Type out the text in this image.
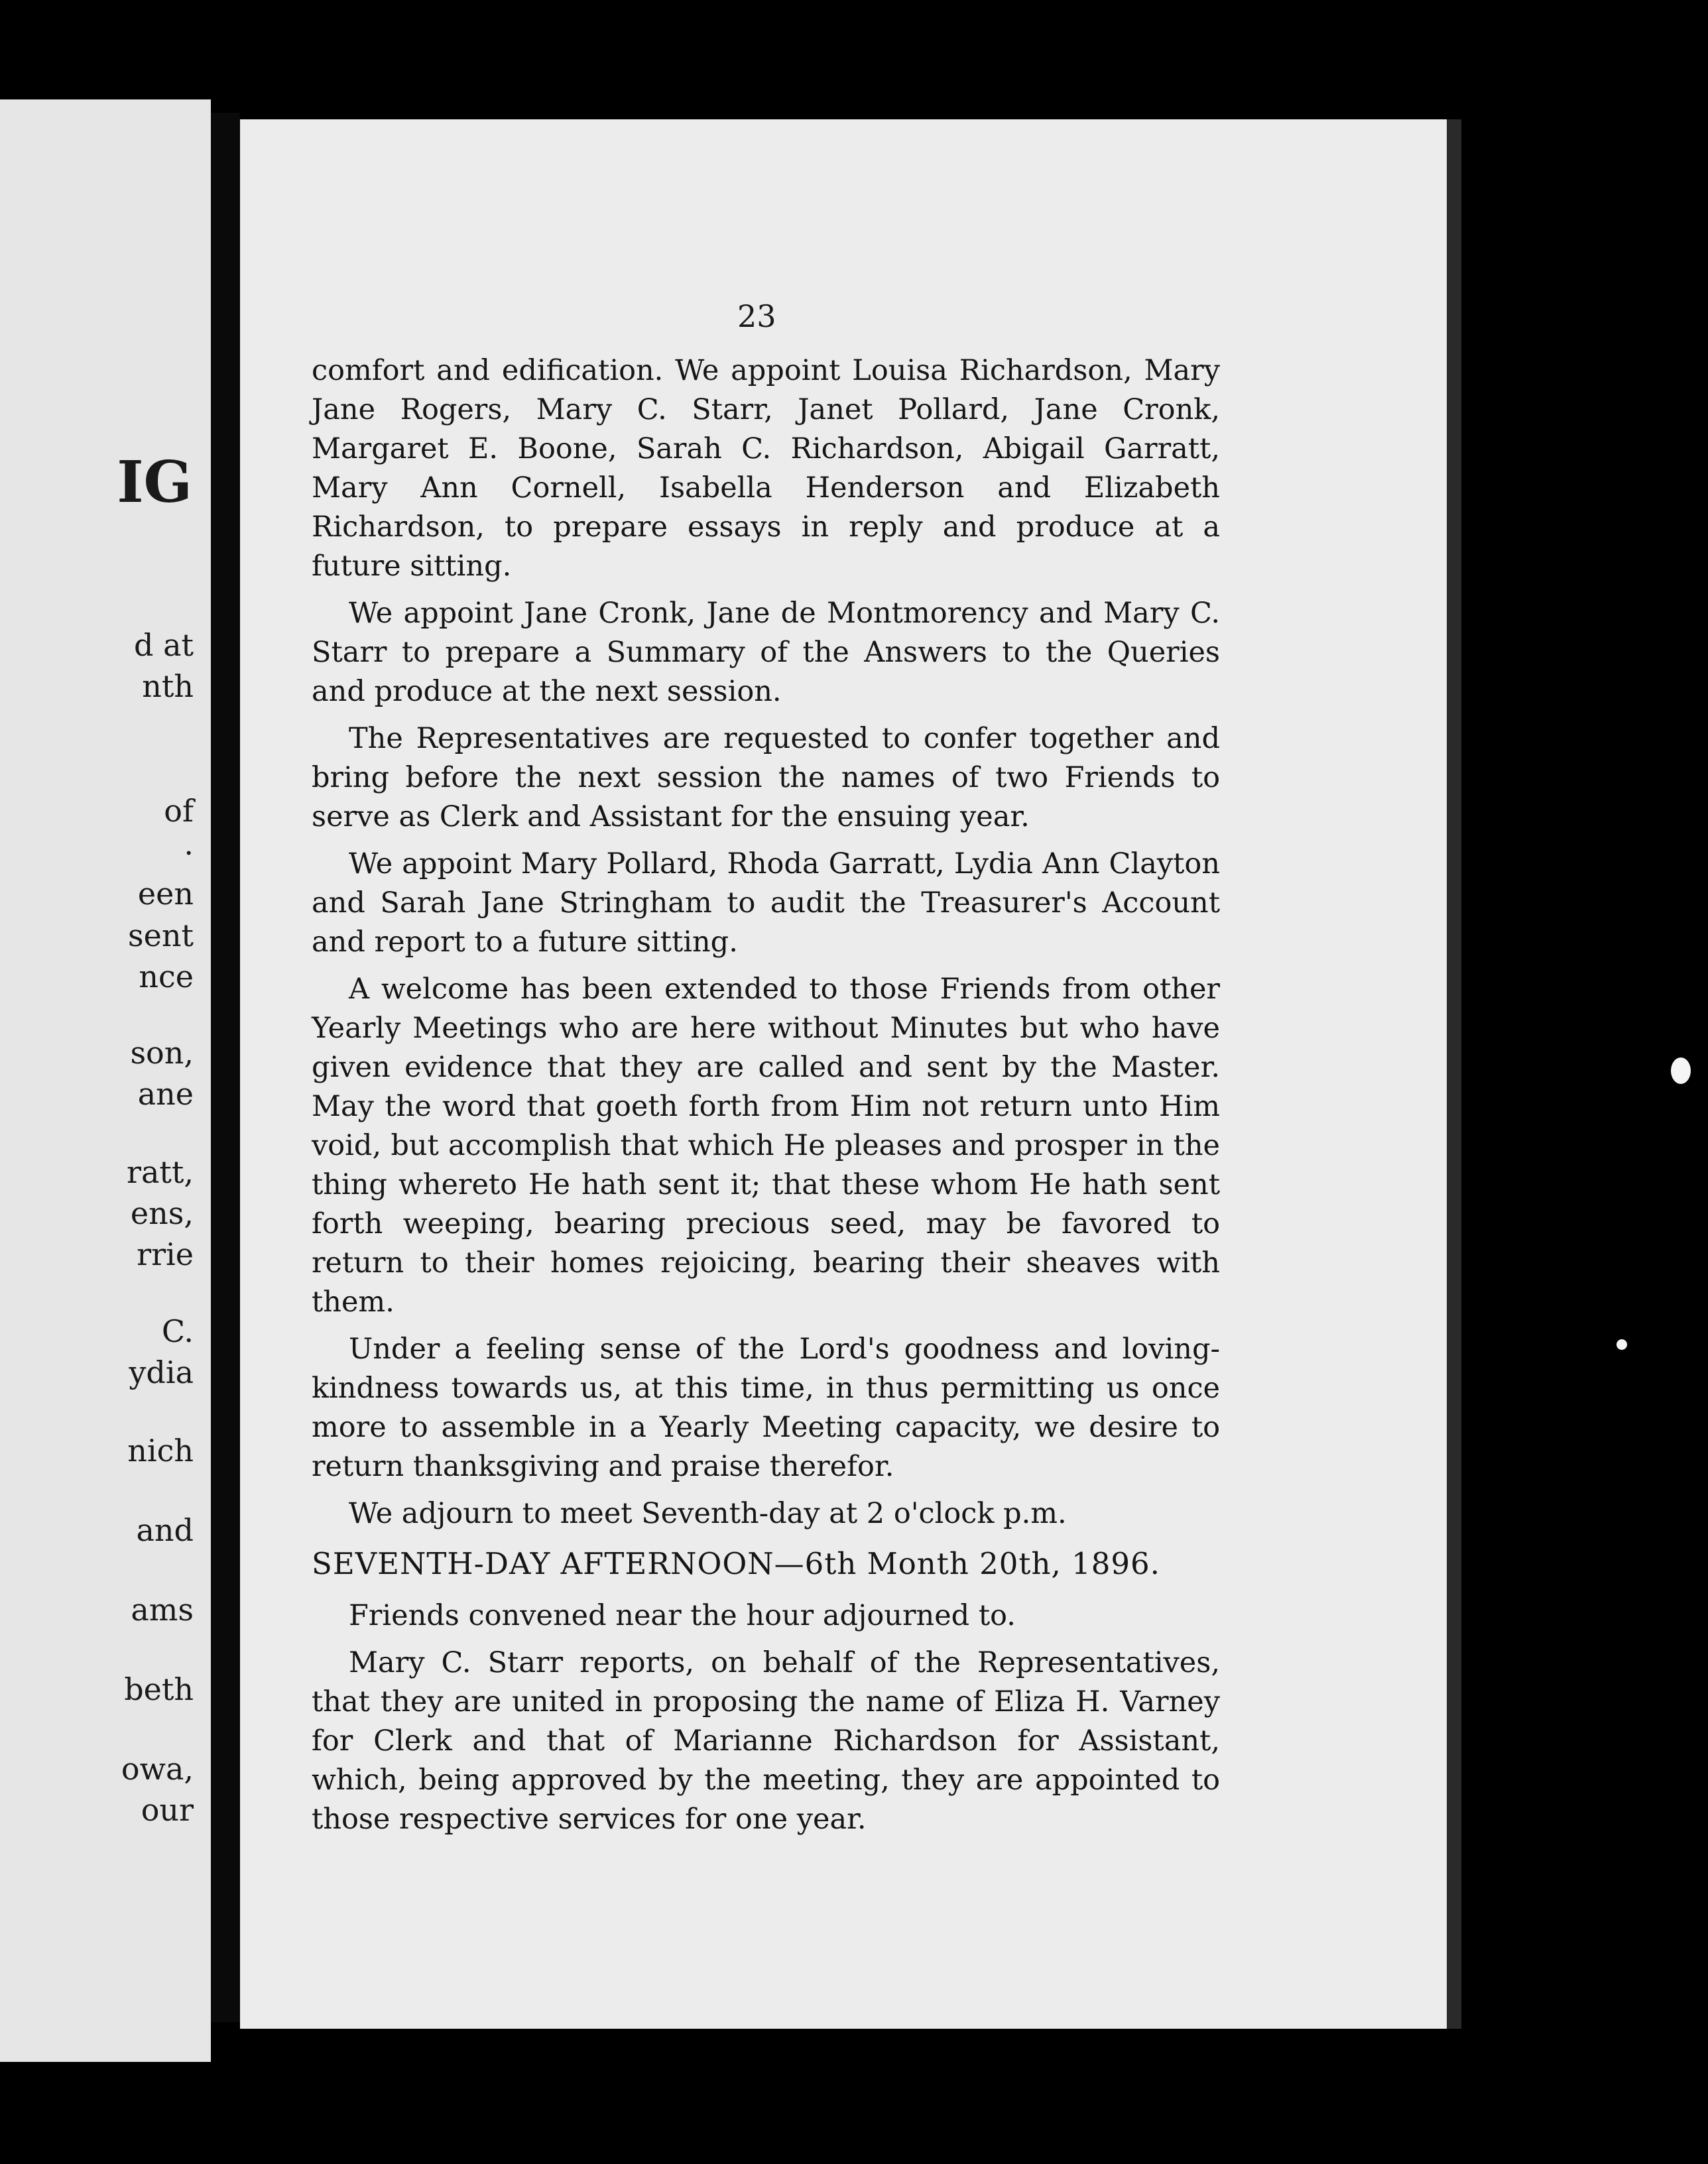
IG
d at
nth
of
.
een
sent
nce
son,
ane
ratt,
ens,
rrie
C.
ydia
nich
and
ams
beth
owa,
our
23

comfort and edification. We appoint Louisa Richardson, Mary Jane Rogers, Mary C. Starr, Janet Pollard, Jane Cronk, Margaret E. Boone, Sarah C. Richardson, Abigail Garratt, Mary Ann Cornell, Isabella Henderson and Elizabeth Richardson, to prepare essays in reply and produce at a future sitting.

We appoint Jane Cronk, Jane de Montmorency and Mary C. Starr to prepare a Summary of the Answers to the Queries and produce at the next session.

The Representatives are requested to confer together and bring before the next session the names of two Friends to serve as Clerk and Assistant for the ensuing year.

We appoint Mary Pollard, Rhoda Garratt, Lydia Ann Clayton and Sarah Jane Stringham to audit the Treasurer's Account and report to a future sitting.

A welcome has been extended to those Friends from other Yearly Meetings who are here without Minutes but who have given evidence that they are called and sent by the Master. May the word that goeth forth from Him not return unto Him void, but accomplish that which He pleases and prosper in the thing whereto He hath sent it; that these whom He hath sent forth weeping, bearing precious seed, may be favored to return to their homes rejoicing, bearing their sheaves with them.

Under a feeling sense of the Lord's goodness and loving-kindness towards us, at this time, in thus permitting us once more to assemble in a Yearly Meeting capacity, we desire to return thanksgiving and praise therefor.

We adjourn to meet Seventh-day at 2 o'clock p.m.

SEVENTH-DAY AFTERNOON—6th Month 20th, 1896.

Friends convened near the hour adjourned to.

Mary C. Starr reports, on behalf of the Representatives, that they are united in proposing the name of Eliza H. Varney for Clerk and that of Marianne Richardson for Assistant, which, being approved by the meeting, they are appointed to those respective services for one year.
